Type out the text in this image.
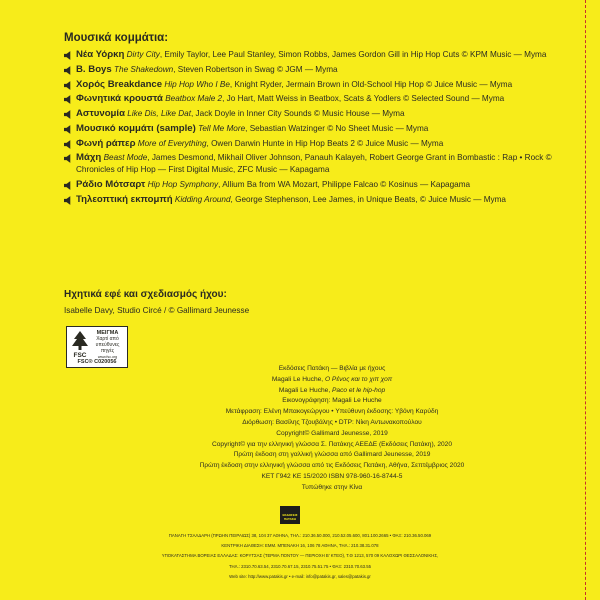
Μουσικά κομμάτια:
Νέα Υόρκη Dirty City, Emily Taylor, Lee Paul Stanley, Simon Robbs, James Gordon Gill in Hip Hop Cuts © KPM Music — Myma
B. Boys The Shakedown, Steven Robertson in Swag © JGM — Myma
Χορός Breakdance Hip Hop Who I Be, Knight Ryder, Jermain Brown in Old-School Hip Hop © Juice Music — Myma
Φωνητικά κρουστά Beatbox Male 2, Jo Hart, Matt Weiss in Beatbox, Scats & Yodlers © Selected Sound — Myma
Αστυνομία Like Dis, Like Dat, Jack Doyle in Inner City Sounds © Music House — Myma
Μουσικό κομμάτι (sample) Tell Me More, Sebastian Watzinger © No Sheet Music — Myma
Φωνή ράπερ More of Everything, Owen Darwin Hunte in Hip Hop Beats 2 © Juice Music — Myma
Μάχη Beast Mode, James Desmond, Mikhail Oliver Johnson, Panauh Kalayeh, Robert George Grant in Bombastic : Rap • Rock © Chronicles of Hip Hop — First Digital Music, ZFC Music — Kapagama
Ράδιο Μότσαρτ Hip Hop Symphony, Allium Ba from WA Mozart, Philippe Falcao © Kosinus — Kapagama
Τηλεοπτική εκπομπή Kidding Around, George Stephenson, Lee James, in Unique Beats, © Juice Music — Myma
Ηχητικά εφέ και σχεδιασμός ήχου:
Isabelle Davy, Studio Circé / © Gallimard Jeunesse
FSC
ΜΕΙΓΜΑ
Χαρτί από υπεύθυνες πηγές
www.fsc.org
FSC® C020056
Εκδόσεις Πατάκη — Βιβλία με ήχους
Magali Le Huche, Ο Ρένος και το χιπ χοπ
Magali Le Huche, Paco et le hip-hop
Εικονογράφηση: Magali Le Huche
Μετάφραση: Ελένη Μπακογεώργου • Υπεύθυνη έκδοσης: Υβόνη Καρύδη
Διόρθωση: Βασίλης Τζουβάλης • DTP: Νίκη Αντωνακοπούλου
Copyright© Gallimard Jeunesse, 2019
Copyright© για την ελληνική γλώσσα Σ. Πατάκης ΑΕΕΔΕ (Εκδόσεις Πατάκη), 2020
Πρώτη έκδοση στη γαλλική γλώσσα από Gallimard Jeunesse, 2019
Πρώτη έκδοση στην ελληνική γλώσσα από τις Εκδόσεις Πατάκη, Αθήνα, Σεπτέμβριος 2020
ΚΕΤ Γ942 ΚΕ 15/2020 ISBN 978-960-16-8744-5
Τυπώθηκε στην Κίνα
ΕΚΔΟΣΕΙΣ ΠΑΤΑΚΗ
ΠΑΝΑΓΗ ΤΣΑΛΔΑΡΗ (ΠΡΩΗΝ ΠΕΙΡΑΙΩΣ) 38, 104 37 ΑΘΗΝΑ, ΤΗΛ.: 210.36.50.000, 210.52.05.600, 801.100.2665 • ΦΑΞ: 210.36.50.069
ΚΕΝΤΡΙΚΗ ΔΙΑΘΕΣΗ: ΕΜΜ. ΜΠΕΝΑΚΗ 16, 106 78 ΑΘΗΝΑ, ΤΗΛ.: 210.38.31.078
ΥΠΟΚΑΤΑΣΤΗΜΑ ΒΟΡΕΙΑΣ ΕΛΛΑΔΑΣ: ΚΟΡΥΤΣΑΣ (ΤΕΡΜΑ ΠΟΝΤΟΥ — ΠΕΡΙΟΧΗ Β' ΚΤΕΟ), Τ.Θ 1213, 570 09 ΚΑΛΟΧΩΡΙ ΘΕΣΣΑΛΟΝΙΚΗΣ,
ΤΗΛ.: 2310.70.63.54, 2310.70.67.15, 2310.75.51.75 • ΦΑΞ: 2310.70.63.55
Web site: http://www.patakis.gr • e-mail: info@patakis.gr, sales@patakis.gr
